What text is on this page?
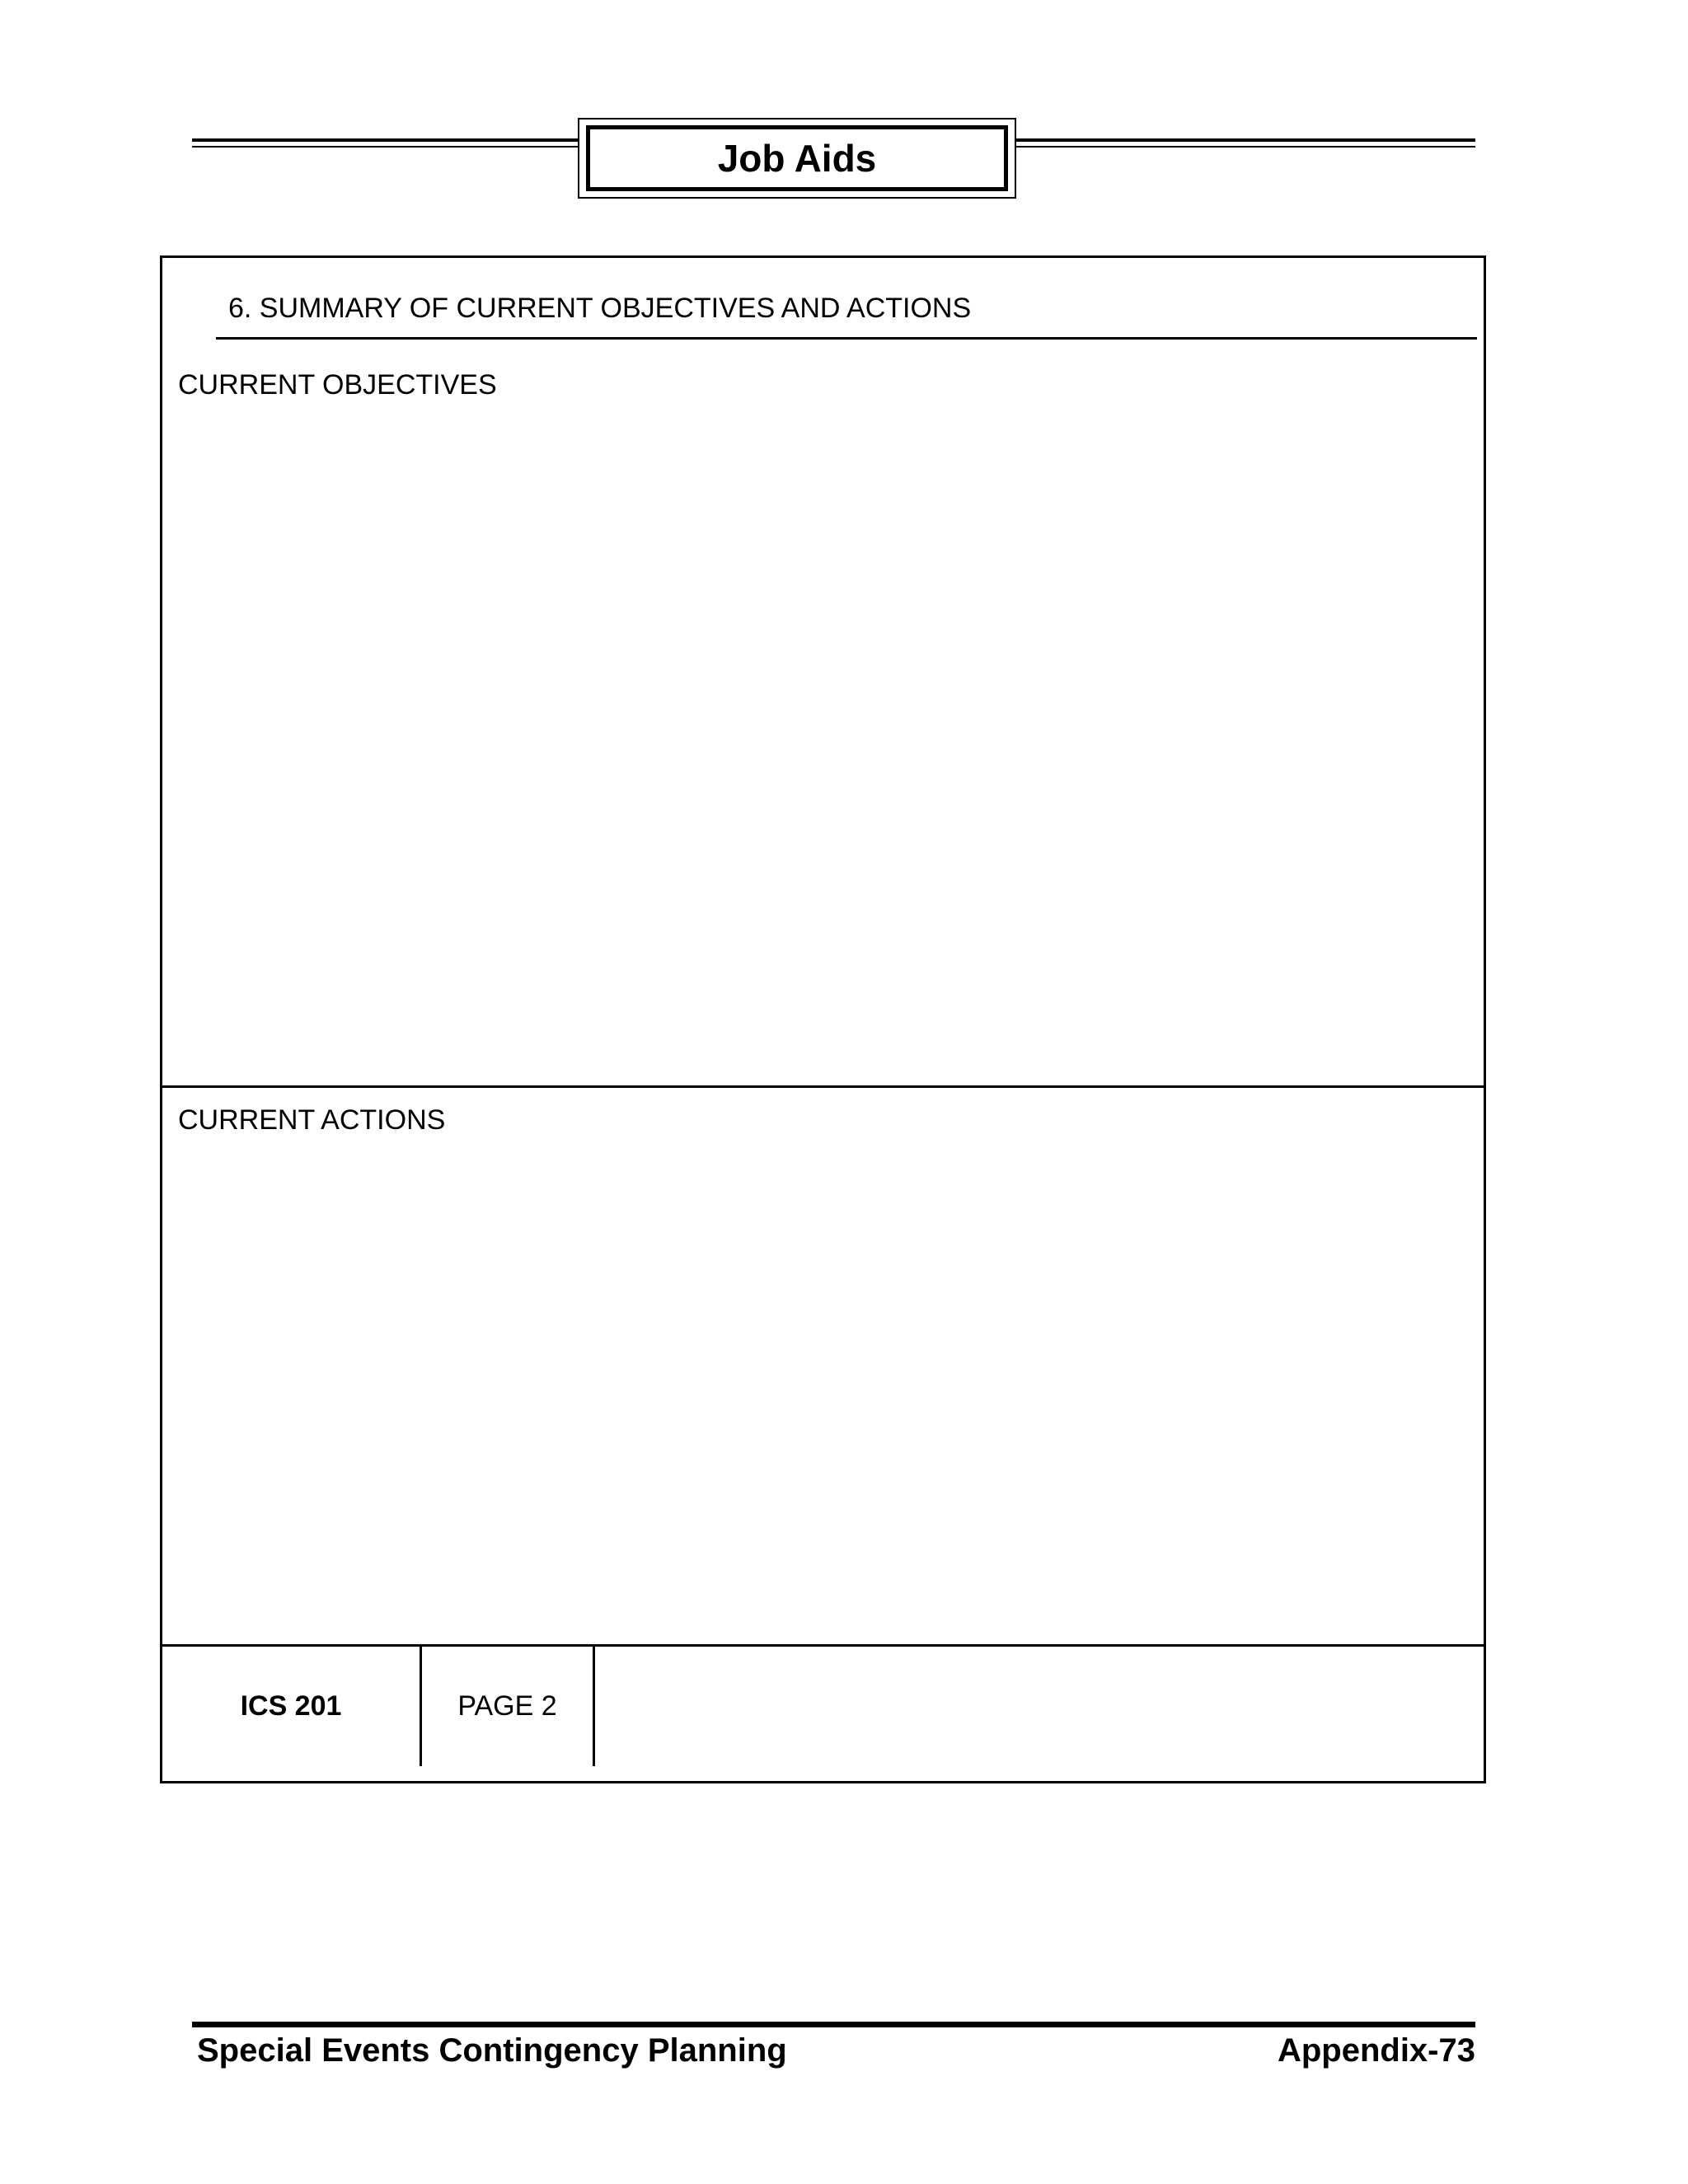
Job Aids
6. SUMMARY OF CURRENT OBJECTIVES AND ACTIONS
CURRENT OBJECTIVES
CURRENT ACTIONS
ICS 201	PAGE 2
Special Events Contingency Planning	Appendix-73
